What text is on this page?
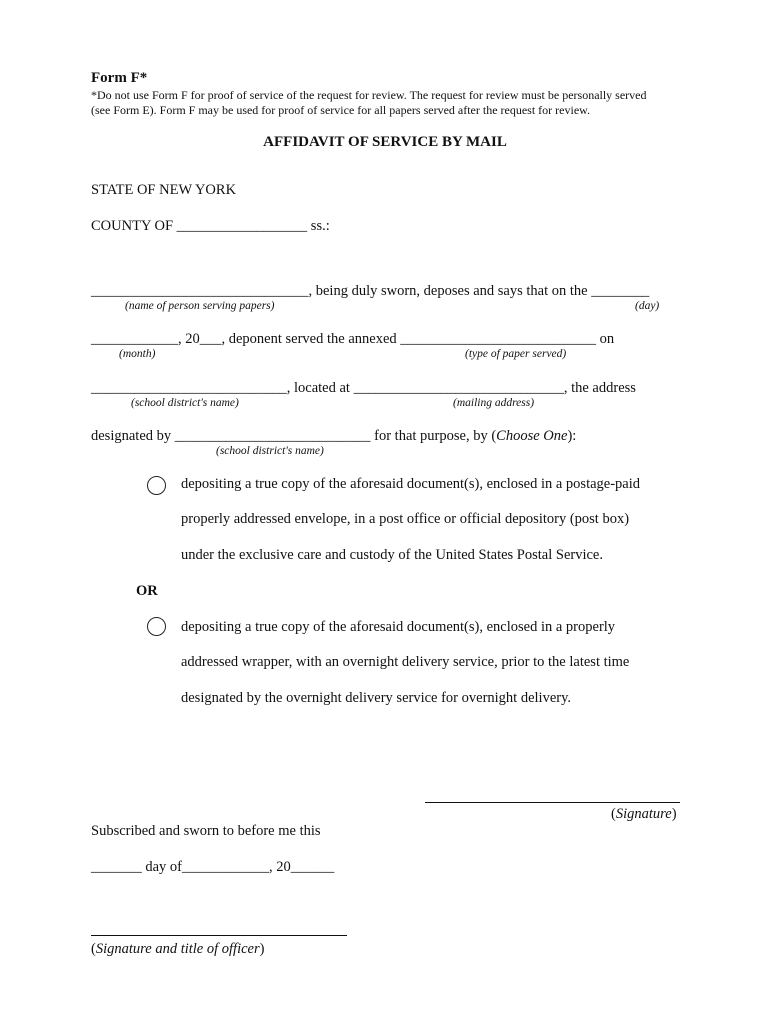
Form F*
*Do not use Form F for proof of service of the request for review. The request for review must be personally served
(see Form E). Form F may be used for proof of service for all papers served after the request for review.
AFFIDAVIT OF SERVICE BY MAIL
STATE OF NEW YORK
COUNTY OF __________________ ss.:
______________________________, being duly sworn, deposes and says that on the ________
(name of person serving papers)	(day)
____________, 20___, deponent served the annexed ___________________________ on
(month)	(type of paper served)
___________________________, located at _____________________________, the address
(school district's name)	(mailing address)
designated by ___________________________ for that purpose, by (Choose One):
(school district's name)
depositing a true copy of the aforesaid document(s), enclosed in a postage-paid
properly addressed envelope, in a post office or official depository (post box)
under the exclusive care and custody of the United States Postal Service.
OR
depositing a true copy of the aforesaid document(s), enclosed in a properly
addressed wrapper, with an overnight delivery service, prior to the latest time
designated by the overnight delivery service for overnight delivery.
(Signature)
Subscribed and sworn to before me this
_______ day of____________, 20______
(Signature and title of officer)
